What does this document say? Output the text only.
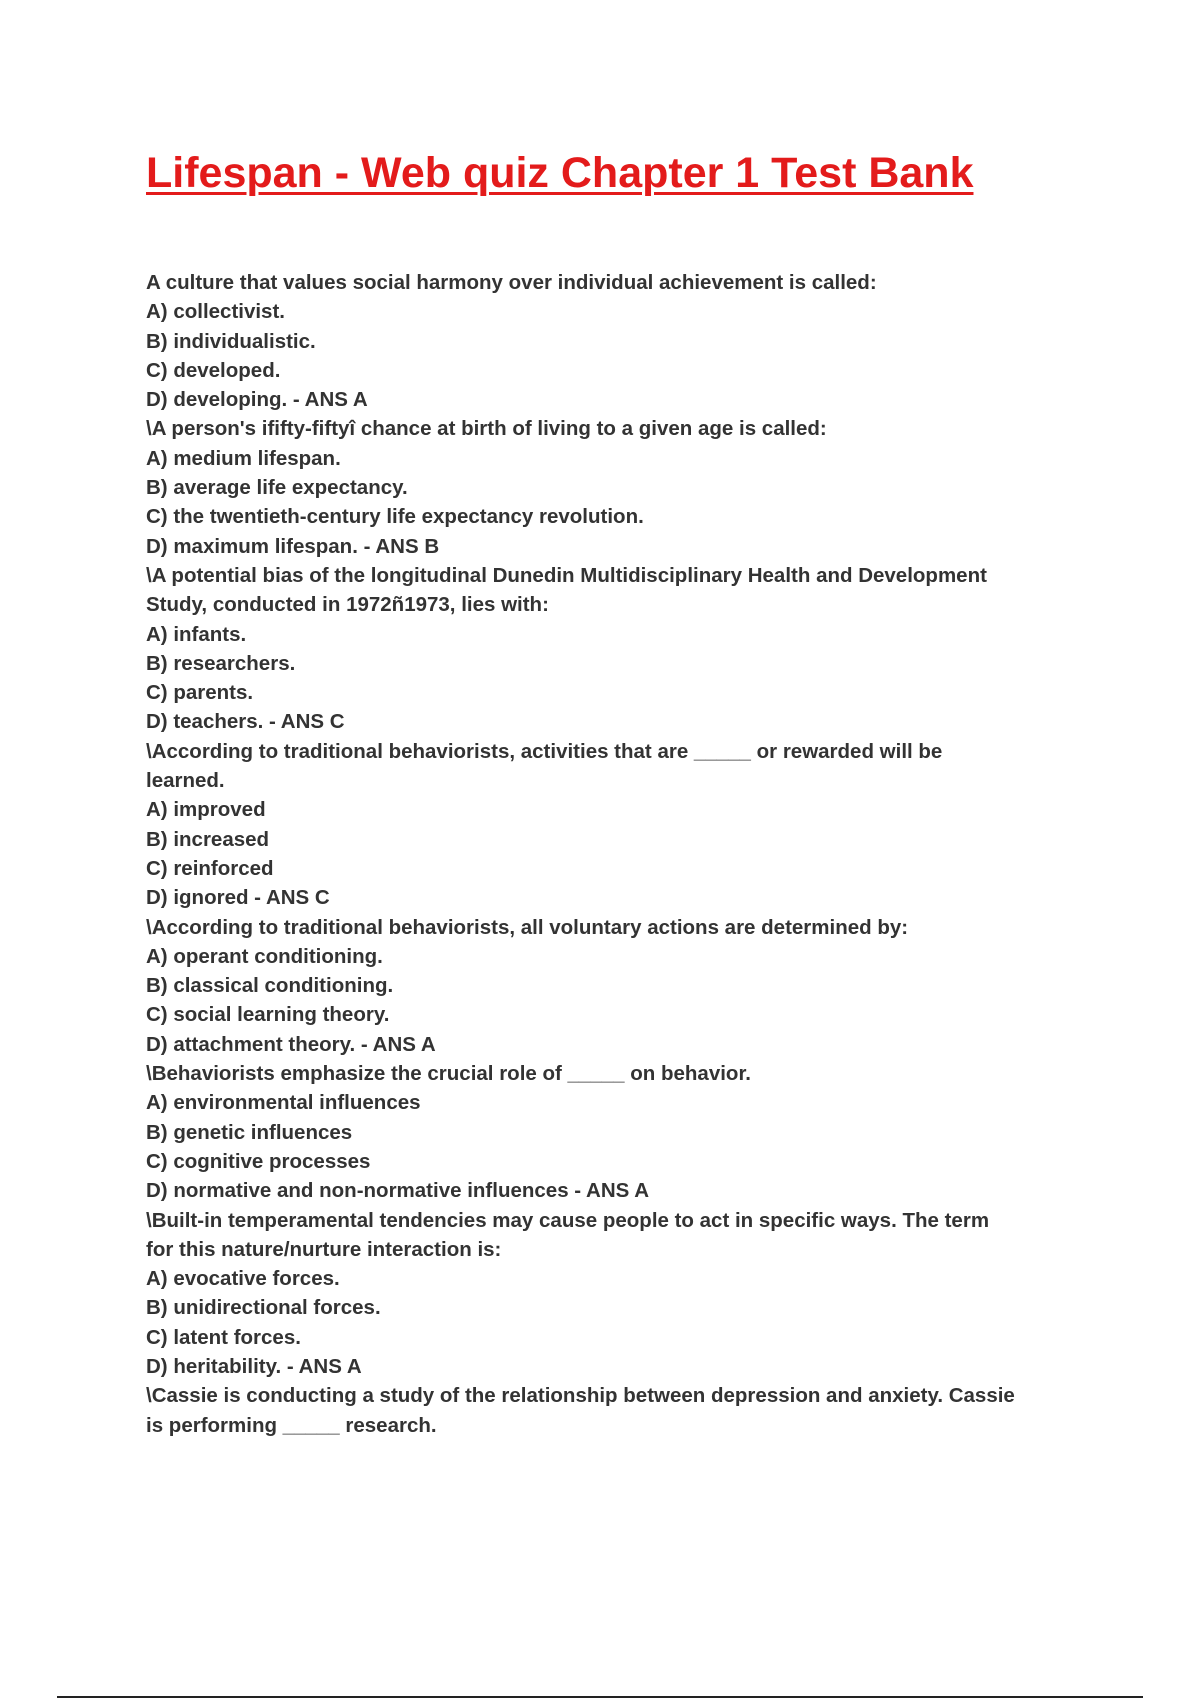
Lifespan - Web quiz Chapter 1 Test Bank
A culture that values social harmony over individual achievement is called:
A) collectivist.
B) individualistic.
C) developed.
D) developing. - ANS A
\A person's ififty-fiftyî chance at birth of living to a given age is called:
A) medium lifespan.
B) average life expectancy.
C) the twentieth-century life expectancy revolution.
D) maximum lifespan. - ANS B
\A potential bias of the longitudinal Dunedin Multidisciplinary Health and Development
Study, conducted in 1972ñ1973, lies with:
A) infants.
B) researchers.
C) parents.
D) teachers. - ANS C
\According to traditional behaviorists, activities that are _____ or rewarded will be
learned.
A) improved
B) increased
C) reinforced
D) ignored - ANS C
\According to traditional behaviorists, all voluntary actions are determined by:
A) operant conditioning.
B) classical conditioning.
C) social learning theory.
D) attachment theory. - ANS A
\Behaviorists emphasize the crucial role of _____ on behavior.
A) environmental influences
B) genetic influences
C) cognitive processes
D) normative and non-normative influences - ANS A
\Built-in temperamental tendencies may cause people to act in specific ways. The term
for this nature/nurture interaction is:
A) evocative forces.
B) unidirectional forces.
C) latent forces.
D) heritability. - ANS A
\Cassie is conducting a study of the relationship between depression and anxiety. Cassie
is performing _____ research.
